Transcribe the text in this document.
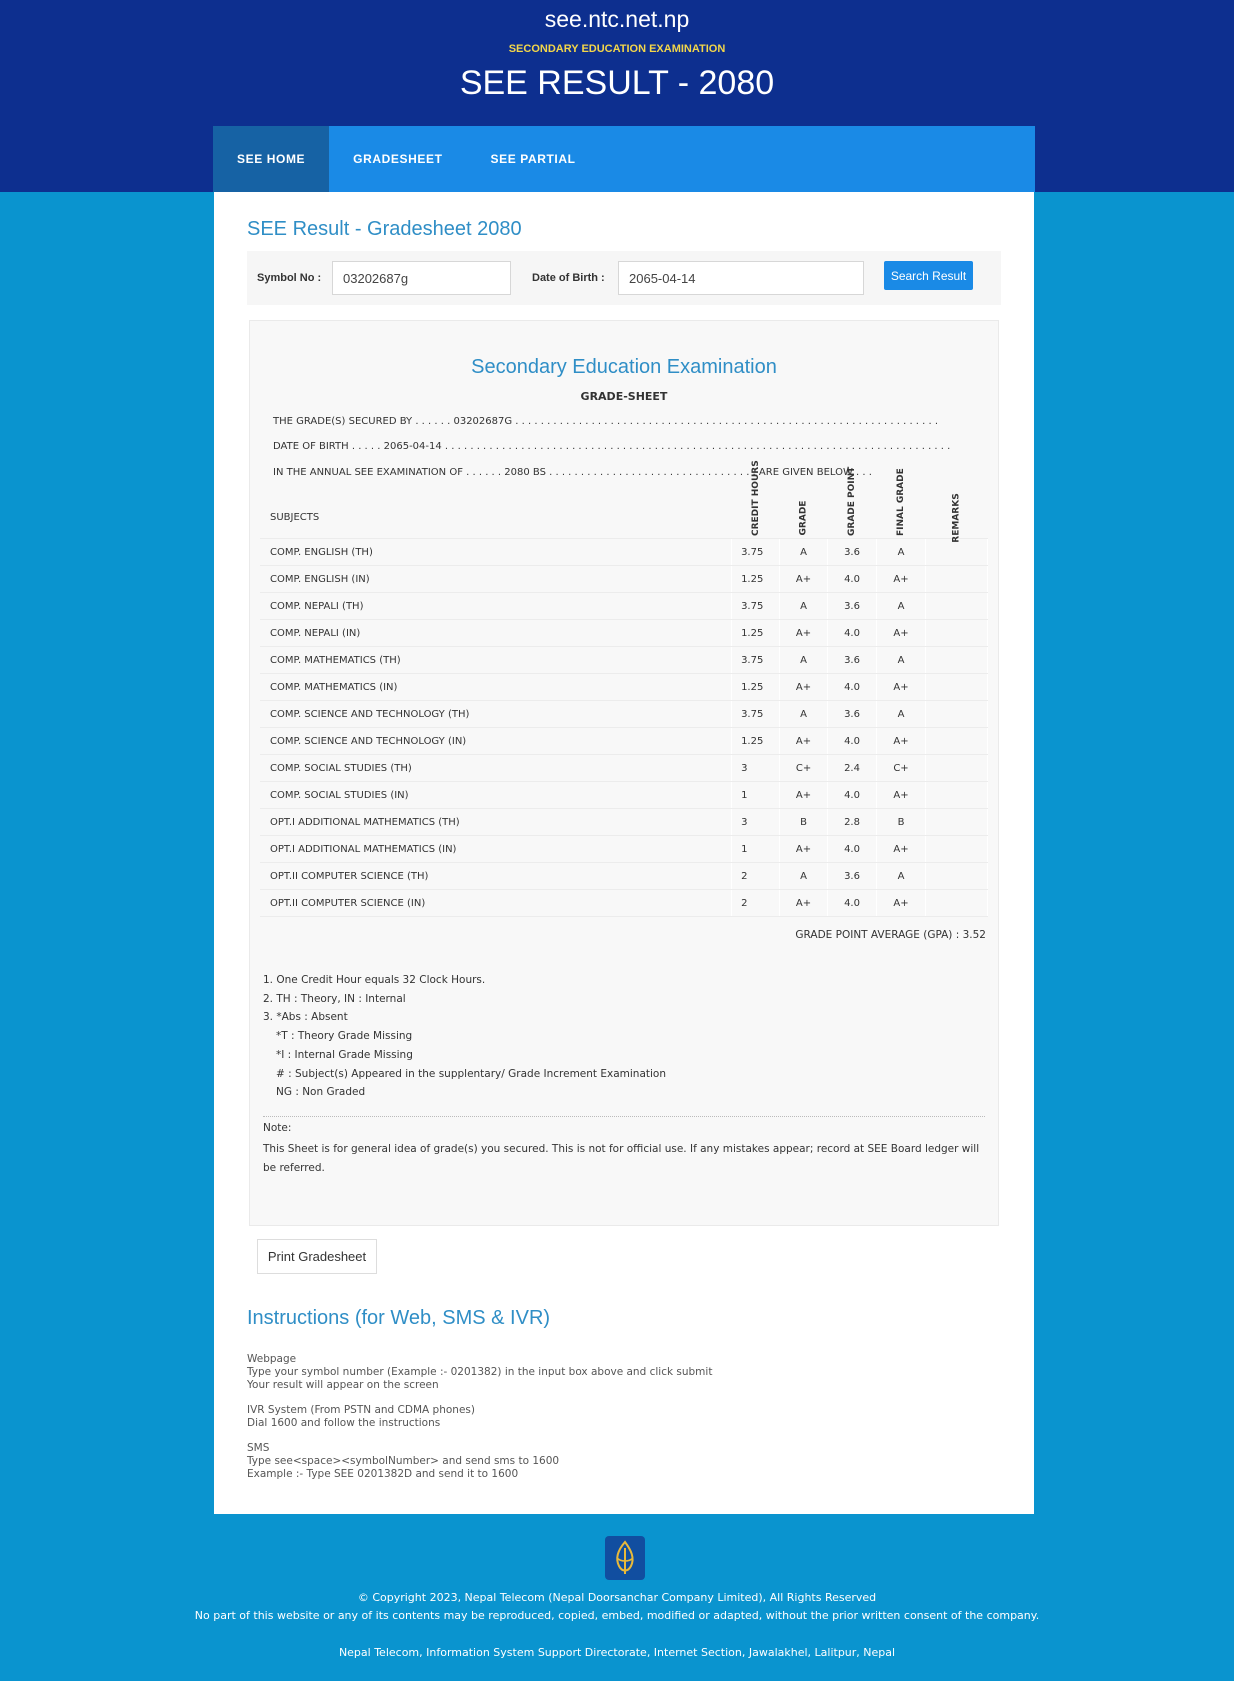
see.ntc.net.np
SECONDARY EDUCATION EXAMINATION
SEE RESULT - 2080
SEE HOME	GRADESHEET	SEE PARTIAL
SEE Result - Gradesheet 2080
Symbol No :
03202687g	Date of Birth :
2065-04-14	Search Result
Secondary Education Examination
GRADE-SHEET
THE GRADE(S) SECURED BY . . . . . . 03202687G . . . . . . . . . . . . . . . . . . . . . . . . . . . . . . . . . . . . . . . . . . . . . . . . . . . . . . . . . . . . . . . . . . .
DATE OF BIRTH . . . . . 2065-04-14 . . . . . . . . . . . . . . . . . . . . . . . . . . . . . . . . . . . . . . . . . . . . . . . . . . . . . . . . . . . . . . . . . . . . . . . . . . . . . . . .
IN THE ANNUAL SEE EXAMINATION OF . . . . . . 2080 BS . . . . . . . . . . . . . . . . . . . . . . . . . . . . . . . . . ARE GIVEN BELOW . . .
SUBJECTS	CREDIT HOURS	GRADE	GRADE POINT	FINAL GRADE	REMARKS
COMP. ENGLISH (TH)	3.75	A	3.6	A	
COMP. ENGLISH (IN)	1.25	A+	4.0	A+	
COMP. NEPALI (TH)	3.75	A	3.6	A	
COMP. NEPALI (IN)	1.25	A+	4.0	A+	
COMP. MATHEMATICS (TH)	3.75	A	3.6	A	
COMP. MATHEMATICS (IN)	1.25	A+	4.0	A+	
COMP. SCIENCE AND TECHNOLOGY (TH)	3.75	A	3.6	A	
COMP. SCIENCE AND TECHNOLOGY (IN)	1.25	A+	4.0	A+	
COMP. SOCIAL STUDIES (TH)	3	C+	2.4	C+	
COMP. SOCIAL STUDIES (IN)	1	A+	4.0	A+	
OPT.I ADDITIONAL MATHEMATICS (TH)	3	B	2.8	B	
OPT.I ADDITIONAL MATHEMATICS (IN)	1	A+	4.0	A+	
OPT.II COMPUTER SCIENCE (TH)	2	A	3.6	A	
OPT.II COMPUTER SCIENCE (IN)	2	A+	4.0	A+	
GRADE POINT AVERAGE (GPA) : 3.52
1. One Credit Hour equals 32 Clock Hours.
2. TH : Theory, IN : Internal
3. *Abs : Absent
*T : Theory Grade Missing
*I : Internal Grade Missing
# : Subject(s) Appeared in the supplentary/ Grade Increment Examination
NG : Non Graded
Note:
This Sheet is for general idea of grade(s) you secured. This is not for official use. If any mistakes appear; record at SEE Board ledger will be referred.
Print Gradesheet
Instructions (for Web, SMS & IVR)
Webpage
Type your symbol number (Example :- 0201382) in the input box above and click submit
Your result will appear on the screen
IVR System (From PSTN and CDMA phones)
Dial 1600 and follow the instructions
SMS
Type see<space><symbolNumber> and send sms to 1600
Example :- Type SEE 0201382D and send it to 1600
© Copyright 2023, Nepal Telecom (Nepal Doorsanchar Company Limited), All Rights Reserved
No part of this website or any of its contents may be reproduced, copied, embed, modified or adapted, without the prior written consent of the company.
Nepal Telecom, Information System Support Directorate, Internet Section, Jawalakhel, Lalitpur, Nepal
